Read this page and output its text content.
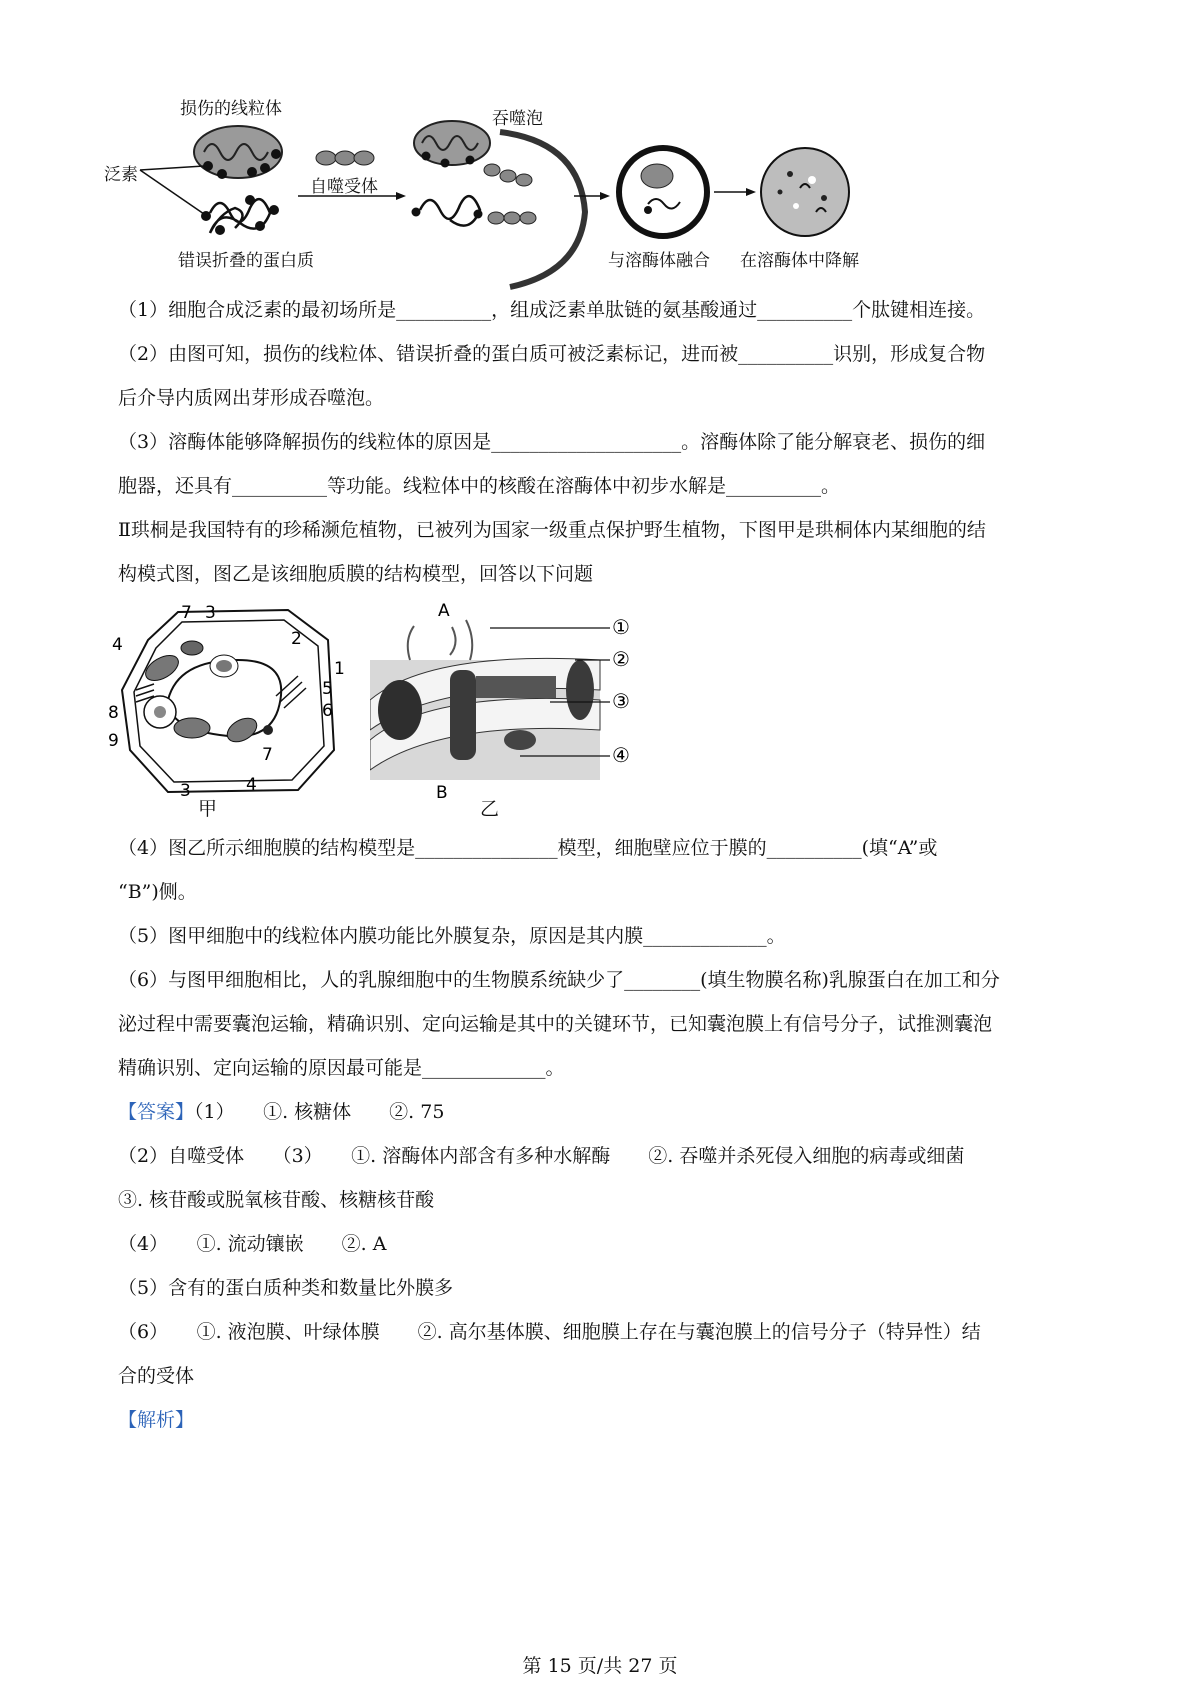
损伤的线粒体
泛素
错误折叠的蛋白质
自噬受体
吞噬泡
与溶酶体融合 在溶酶体中降解
（1）细胞合成泛素的最初场所是__________，组成泛素单肽链的氨基酸通过__________个肽键相连接。
（2）由图可知，损伤的线粒体、错误折叠的蛋白质可被泛素标记，进而被__________识别，形成复合物
后介导内质网出芽形成吞噬泡。
（3）溶酶体能够降解损伤的线粒体的原因是____________________。溶酶体除了能分解衰老、损伤的细
胞器，还具有__________等功能。线粒体中的核酸在溶酶体中初步水解是__________。
Ⅱ珙桐是我国特有的珍稀濒危植物，已被列为国家一级重点保护野生植物，下图甲是珙桐体内某细胞的结
构模式图，图乙是该细胞质膜的结构模型，回答以下问题
7 3
4	2
1
5
6
8
9
3	4
7
甲
A
B
①
②
③
④
乙
（4）图乙所示细胞膜的结构模型是_______________模型，细胞壁应位于膜的__________(填“A”或
“B”)侧。
（5）图甲细胞中的线粒体内膜功能比外膜复杂，原因是其内膜_____________。
（6）与图甲细胞相比，人的乳腺细胞中的生物膜系统缺少了________(填生物膜名称)乳腺蛋白在加工和分
泌过程中需要囊泡运输，精确识别、定向运输是其中的关键环节，已知囊泡膜上有信号分子，试推测囊泡
精确识别、定向运输的原因最可能是_____________。
【答案】（1）　　①. 核糖体　　②. 75
（2）自噬受体　　（3）　　①. 溶酶体内部含有多种水解酶　　②. 吞噬并杀死侵入细胞的病毒或细菌
③. 核苷酸或脱氧核苷酸、核糖核苷酸
（4）　　①. 流动镶嵌　　②. A
（5）含有的蛋白质种类和数量比外膜多
（6）　　①. 液泡膜、叶绿体膜　　②. 高尔基体膜、细胞膜上存在与囊泡膜上的信号分子（特异性）结
合的受体
【解析】
第 15 页/共 27 页
